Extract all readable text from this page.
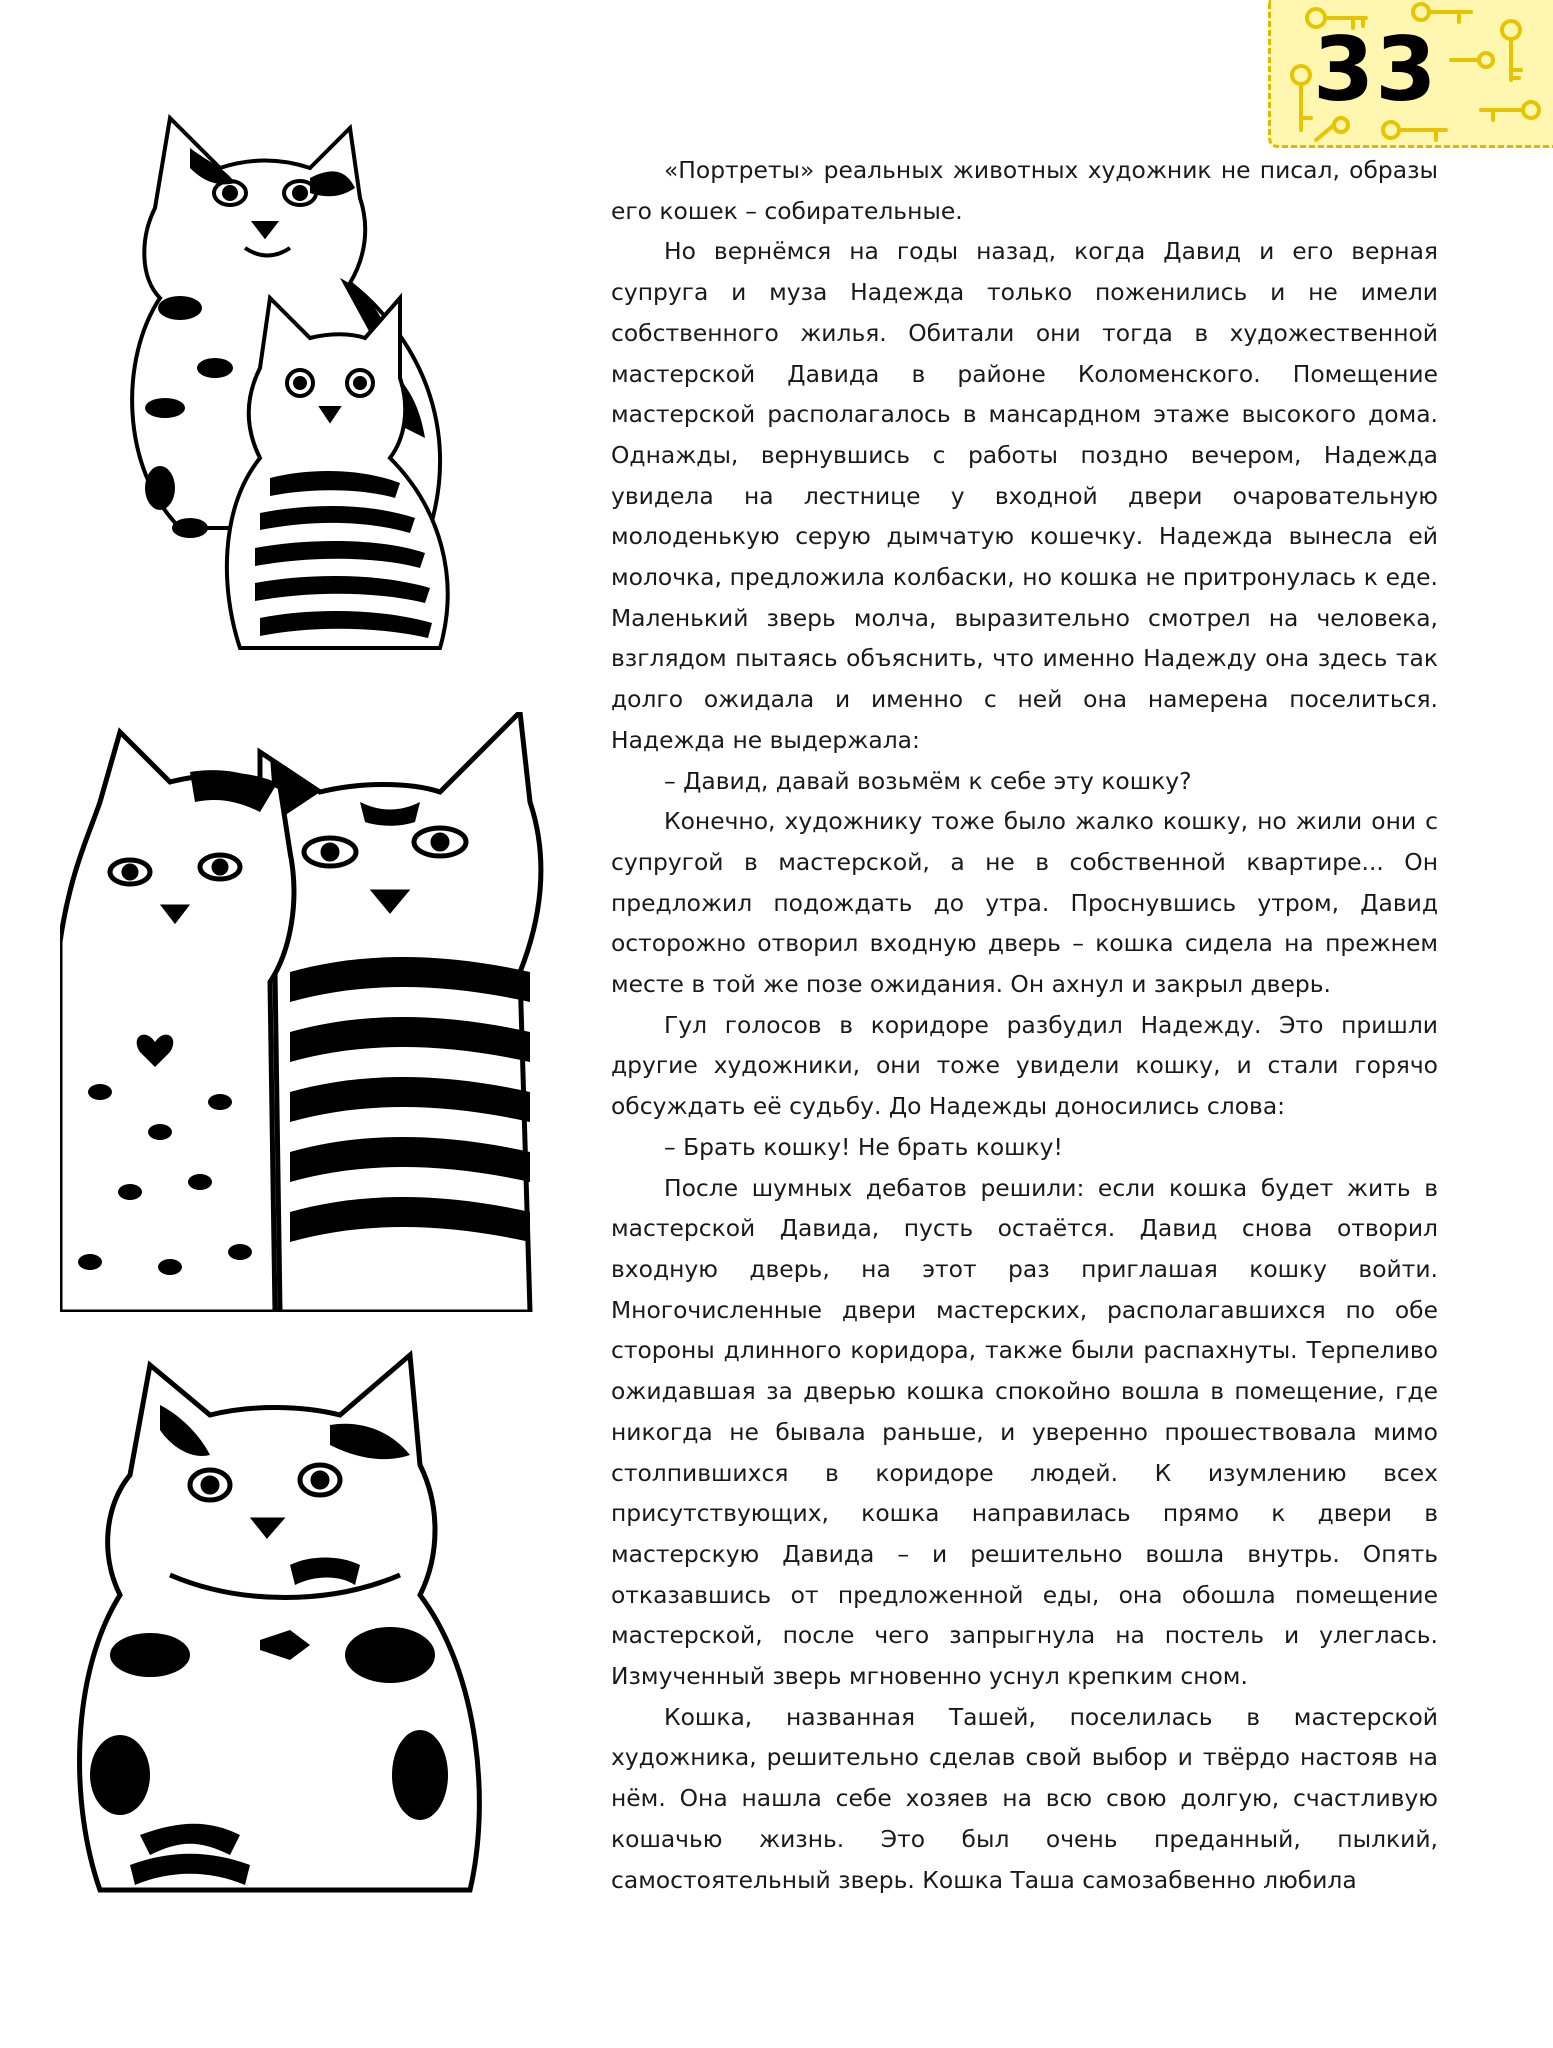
33

«Портреты» реальных животных художник не писал, образы его кошек – собирательные.

Но вернёмся на годы назад, когда Давид и его верная супруга и муза Надежда только поженились и не имели собственного жилья. Обитали они тогда в художественной мастерской Давида в районе Коломенского. Помещение мастерской располагалось в мансардном этаже высокого дома. Однажды, вернувшись с работы поздно вечером, Надежда увидела на лестнице у входной двери очаровательную молоденькую серую дымчатую кошечку. Надежда вынесла ей молочка, предложила колбаски, но кошка не притронулась к еде. Маленький зверь молча, выразительно смотрел на человека, взглядом пытаясь объяснить, что именно Надежду она здесь так долго ожидала и именно с ней она намерена поселиться. Надежда не выдержала:

– Давид, давай возьмём к себе эту кошку?

Конечно, художнику тоже было жалко кошку, но жили они с супругой в мастерской, а не в собственной квартире... Он предложил подождать до утра. Проснувшись утром, Давид осторожно отворил входную дверь – кошка сидела на прежнем месте в той же позе ожидания. Он ахнул и закрыл дверь.

Гул голосов в коридоре разбудил Надежду. Это пришли другие художники, они тоже увидели кошку, и стали горячо обсуждать её судьбу. До Надежды доносились слова:

– Брать кошку! Не брать кошку!

После шумных дебатов решили: если кошка будет жить в мастерской Давида, пусть остаётся. Давид снова отворил входную дверь, на этот раз приглашая кошку войти. Многочисленные двери мастерских, располагавшихся по обе стороны длинного коридора, также были распахнуты. Терпеливо ожидавшая за дверью кошка спокойно вошла в помещение, где никогда не бывала раньше, и уверенно прошествовала мимо столпившихся в коридоре людей. К изумлению всех присутствующих, кошка направилась прямо к двери в мастерскую Давида – и решительно вошла внутрь. Опять отказавшись от предложенной еды, она обошла помещение мастерской, после чего запрыгнула на постель и улеглась. Измученный зверь мгновенно уснул крепким сном.

Кошка, названная Ташей, поселилась в мастерской художника, решительно сделав свой выбор и твёрдо настояв на нём. Она нашла себе хозяев на всю свою долгую, счастливую кошачью жизнь. Это был очень преданный, пылкий, самостоятельный зверь. Кошка Таша самозабвенно любила
